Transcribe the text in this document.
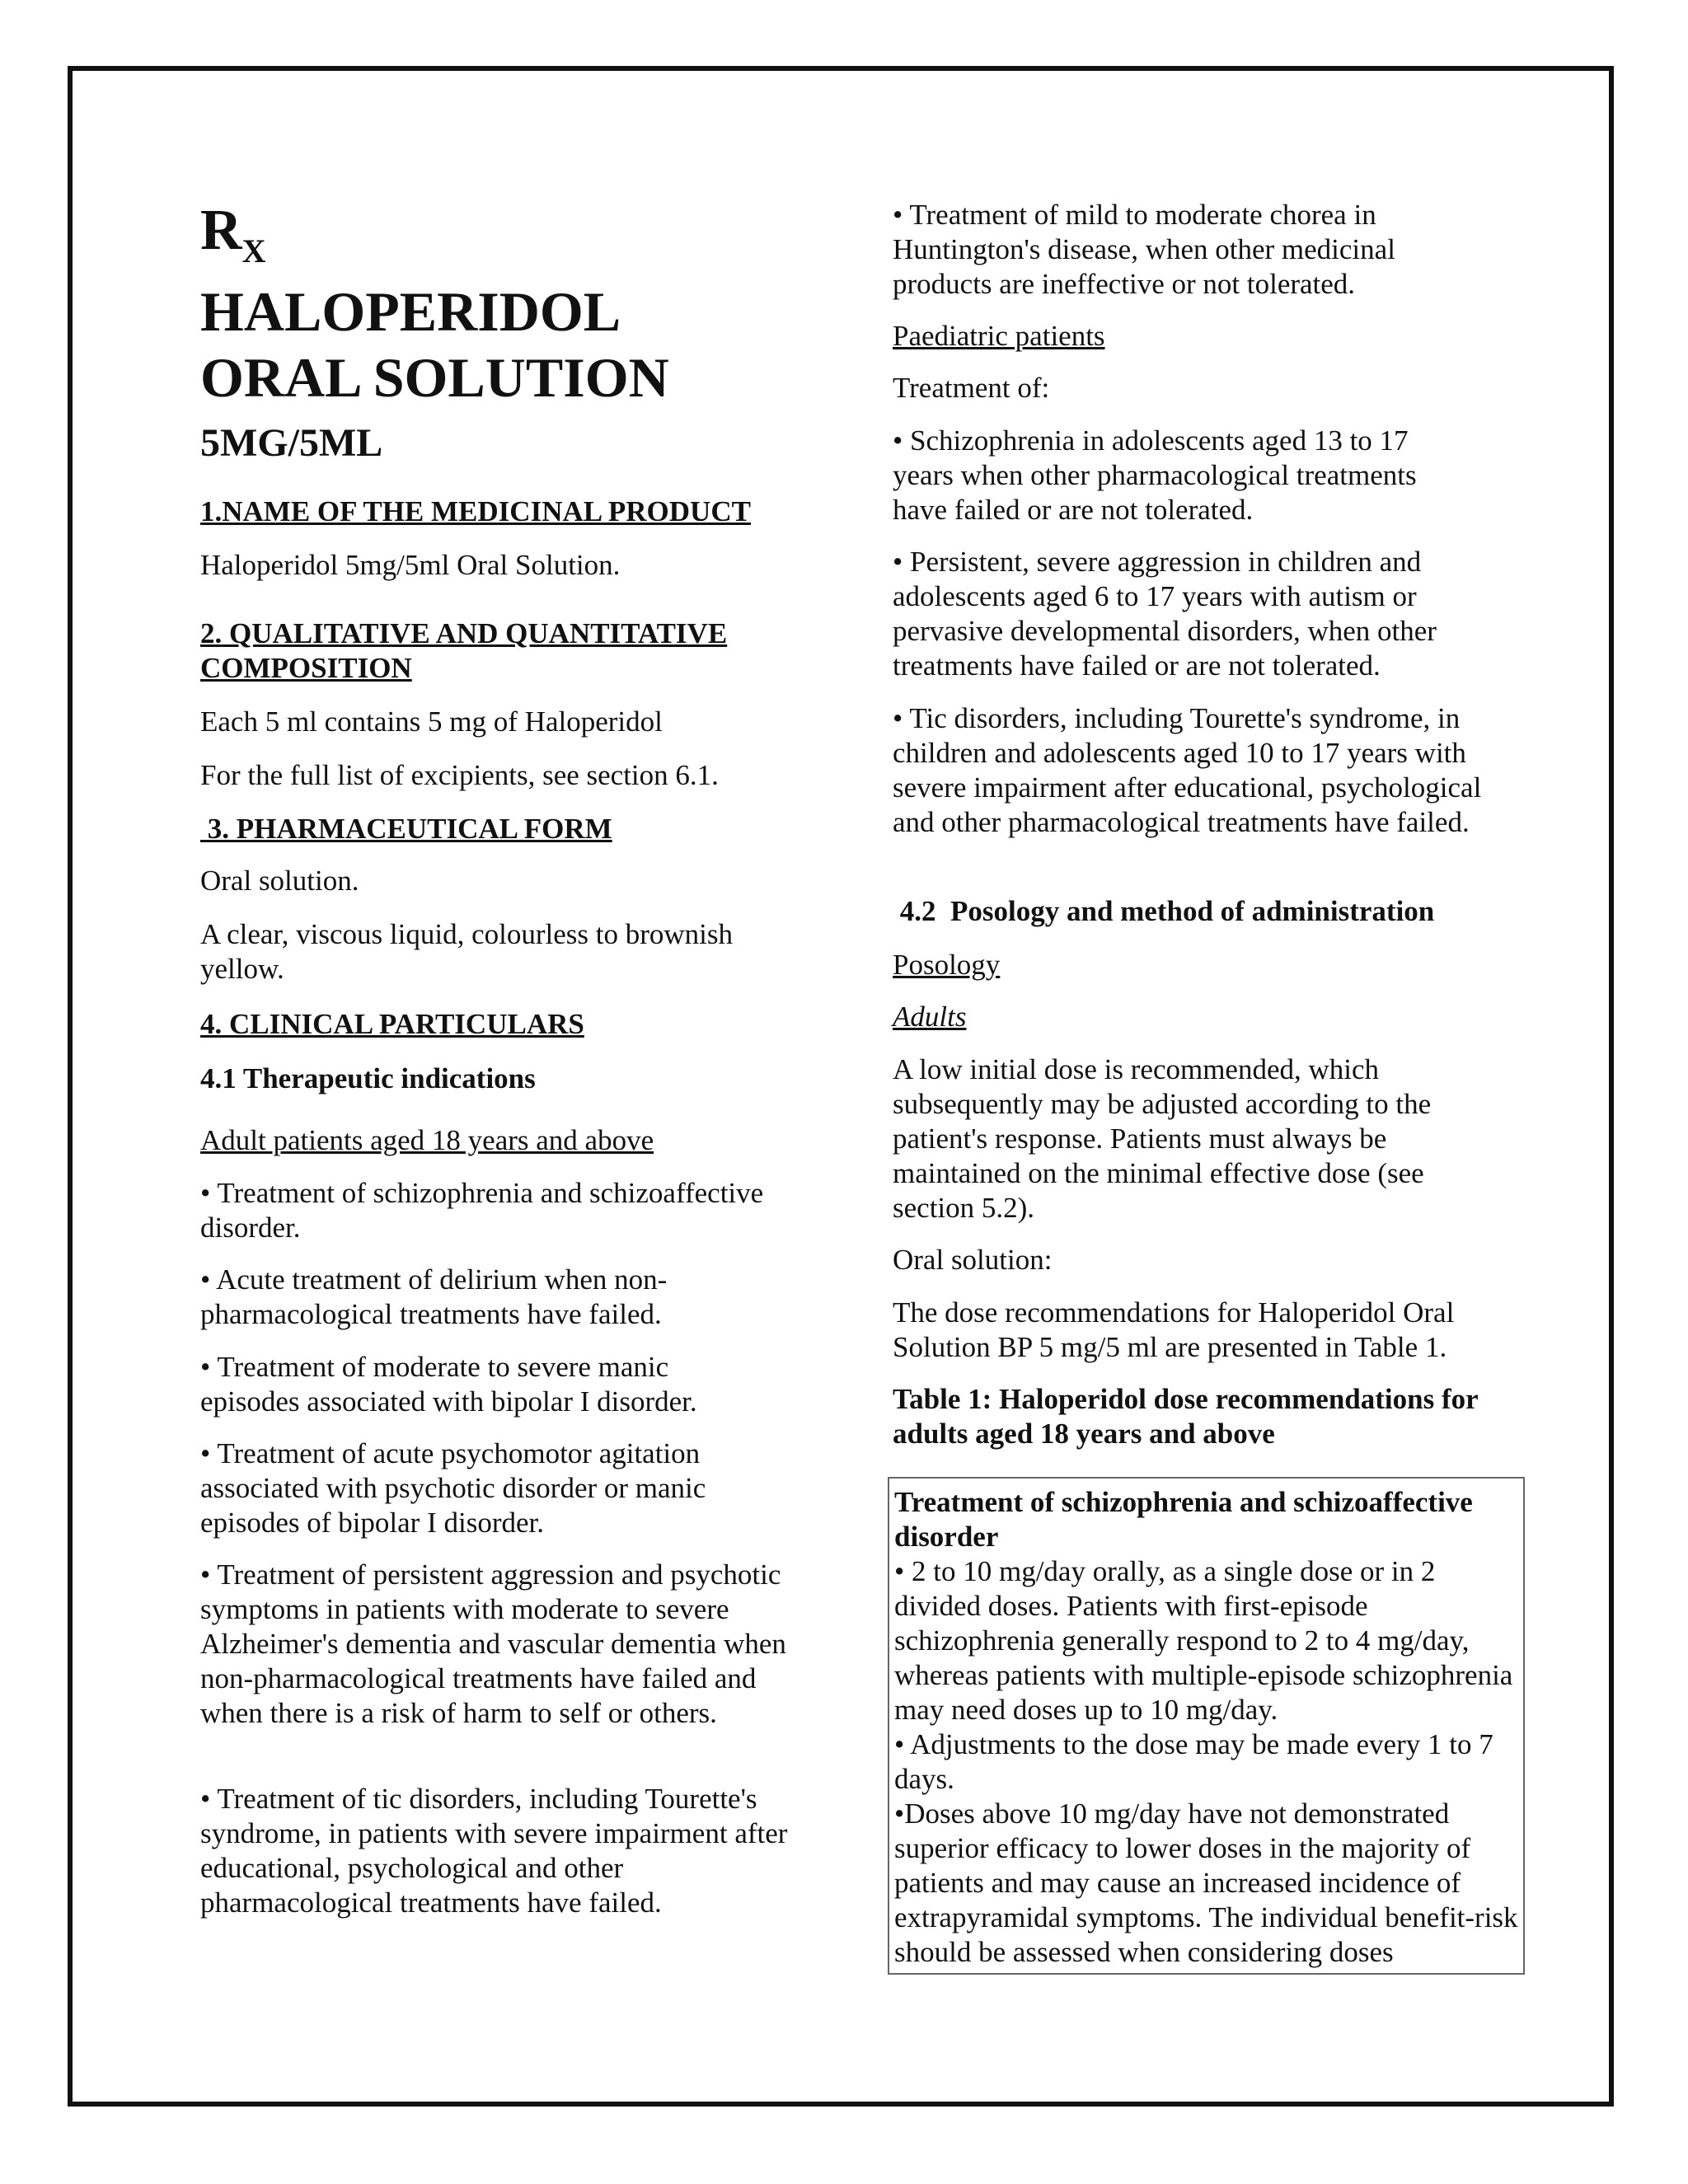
$R_X$
HALOPERIDOL
ORAL SOLUTION
5MG/5ML

1.NAME OF THE MEDICINAL PRODUCT

Haloperidol 5mg/5ml Oral Solution.

2. QUALITATIVE AND QUANTITATIVE COMPOSITION

Each 5 ml contains 5 mg of Haloperidol

For the full list of excipients, see section 6.1.

3. PHARMACEUTICAL FORM

Oral solution.

A clear, viscous liquid, colourless to brownish yellow.

4. CLINICAL PARTICULARS

4.1 Therapeutic indications

Adult patients aged 18 years and above

• Treatment of schizophrenia and schizoaffective disorder.

• Acute treatment of delirium when non-pharmacological treatments have failed.

• Treatment of moderate to severe manic episodes associated with bipolar I disorder.

• Treatment of acute psychomotor agitation associated with psychotic disorder or manic episodes of bipolar I disorder.

• Treatment of persistent aggression and psychotic symptoms in patients with moderate to severe Alzheimer's dementia and vascular dementia when non-pharmacological treatments have failed and when there is a risk of harm to self or others.

• Treatment of tic disorders, including Tourette's syndrome, in patients with severe impairment after educational, psychological and other pharmacological treatments have failed.

• Treatment of mild to moderate chorea in Huntington's disease, when other medicinal products are ineffective or not tolerated.

Paediatric patients

Treatment of:

• Schizophrenia in adolescents aged 13 to 17 years when other pharmacological treatments have failed or are not tolerated.

• Persistent, severe aggression in children and adolescents aged 6 to 17 years with autism or pervasive developmental disorders, when other treatments have failed or are not tolerated.

• Tic disorders, including Tourette's syndrome, in children and adolescents aged 10 to 17 years with severe impairment after educational, psychological and other pharmacological treatments have failed.

4.2  Posology and method of administration

Posology

Adults

A low initial dose is recommended, which subsequently may be adjusted according to the patient's response. Patients must always be maintained on the minimal effective dose (see section 5.2).

Oral solution:

The dose recommendations for Haloperidol Oral Solution BP 5 mg/5 ml are presented in Table 1.

Table 1: Haloperidol dose recommendations for adults aged 18 years and above

Treatment of schizophrenia and schizoaffective disorder

• 2 to 10 mg/day orally, as a single dose or in 2 divided doses. Patients with first-episode schizophrenia generally respond to 2 to 4 mg/day, whereas patients with multiple-episode schizophrenia may need doses up to 10 mg/day.

• Adjustments to the dose may be made every 1 to 7 days.

•Doses above 10 mg/day have not demonstrated superior efficacy to lower doses in the majority of patients and may cause an increased incidence of extrapyramidal symptoms. The individual benefit-risk should be assessed when considering doses
